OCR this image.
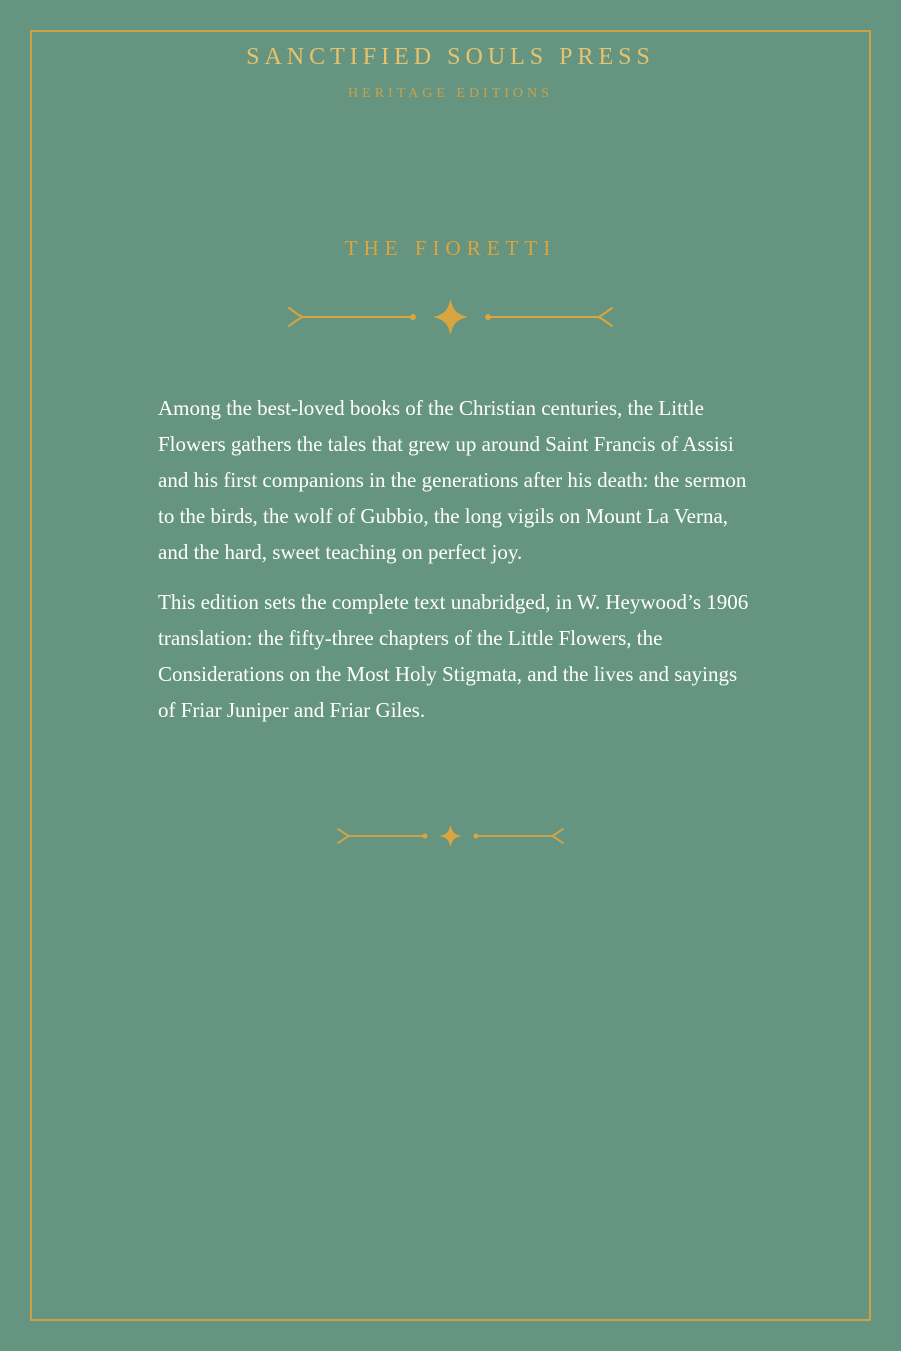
SANCTIFIED SOULS PRESS
HERITAGE EDITIONS
THE FIORETTI

Among the best-loved books of the Christian centuries, the Little Flowers gathers the tales that grew up around Saint Francis of Assisi and his first companions in the generations after his death: the sermon to the birds, the wolf of Gubbio, the long vigils on Mount La Verna, and the hard, sweet teaching on perfect joy.

This edition sets the complete text unabridged, in W. Heywood’s 1906 translation: the fifty-three chapters of the Little Flowers, the Considerations on the Most Holy Stigmata, and the lives and sayings of Friar Juniper and Friar Giles.
